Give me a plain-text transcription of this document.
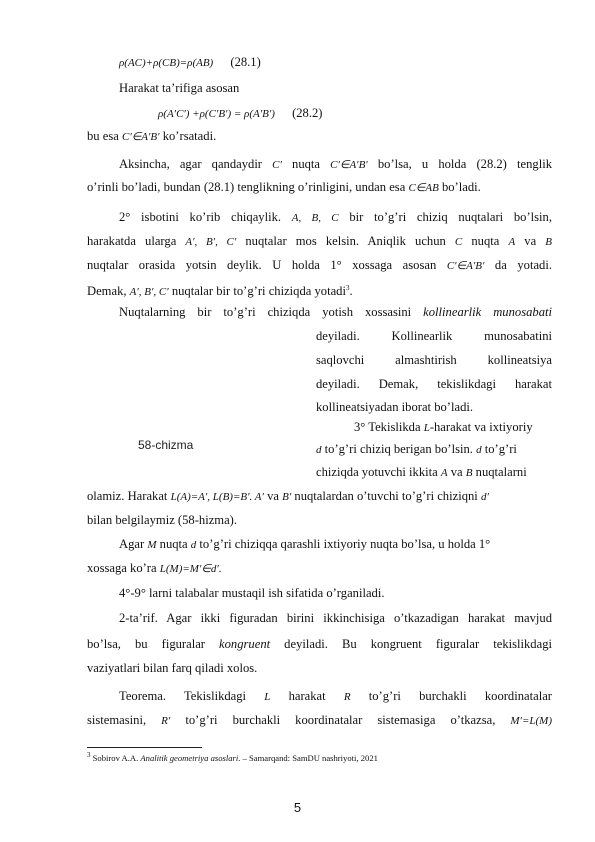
ρ(AC)+ρ(CB)=ρ(AB) (28.1)
Harakat ta’rifiga asosan
ρ(A′C′) +ρ(C′B′) = ρ(A′B′) (28.2)
bu esa C′∈A′B′ ko’rsatadi.
Aksincha, agar qandaydir C′ nuqta C′∈A′B′ bo’lsa, u holda (28.2) tenglik
o’rinli bo’ladi, bundan (28.1) tenglikning o’rinligini, undan esa C∈AB bo’ladi.
2° isbotini ko’rib chiqaylik. A, B, C bir to’g’ri chiziq nuqtalari bo’lsin,
harakatda ularga A′, B′, C′ nuqtalar mos kelsin. Aniqlik uchun C nuqta A va B
nuqtalar orasida yotsin deylik. U holda 1° xossaga asosan C′∈A′B′ da yotadi.
Demak, A′, B′, C′ nuqtalar bir to’g’ri chiziqda yotadi$^3$.
Nuqtalarning bir to’g’ri chiziqda yotish xossasini kollinearlik munosabati
deyiladi. Kollinearlik munosabatini
saqlovchi almashtirish kollineatsiya
deyiladi. Demak, tekislikdagi harakat
kollineatsiyadan iborat bo’ladi.
3° Tekislikda L-harakat va ixtiyoriy
d to’g’ri chiziq berigan bo’lsin. d to’g’ri
chiziqda yotuvchi ikkita A va B nuqtalarni
58-chizma
olamiz. Harakat L(A)=A′, L(B)=B′. A′ va B′ nuqtalardan o’tuvchi to’g’ri chiziqni d′
bilan belgilaymiz (58-hizma).
Agar M nuqta d to’g’ri chiziqqa qarashli ixtiyoriy nuqta bo’lsa, u holda 1°
xossaga ko’ra L(M)=M′∈d′.
4°-9° larni talabalar mustaqil ish sifatida o’rganiladi.
2-ta’rif. Agar ikki figuradan birini ikkinchisiga o’tkazadigan harakat mavjud
bo’lsa, bu figuralar kongruent deyiladi. Bu kongruent figuralar tekislikdagi
vaziyatlari bilan farq qiladi xolos.
Teorema. Tekislikdagi L harakat R to’g’ri burchakli koordinatalar
sistemasini, R′ to’g’ri burchakli koordinatalar sistemasiga o’tkazsa, M′=L(M)
$^3$ Sobirov A.A. Analitik geometriya asoslari. – Samarqand: SamDU nashriyoti, 2021
5
